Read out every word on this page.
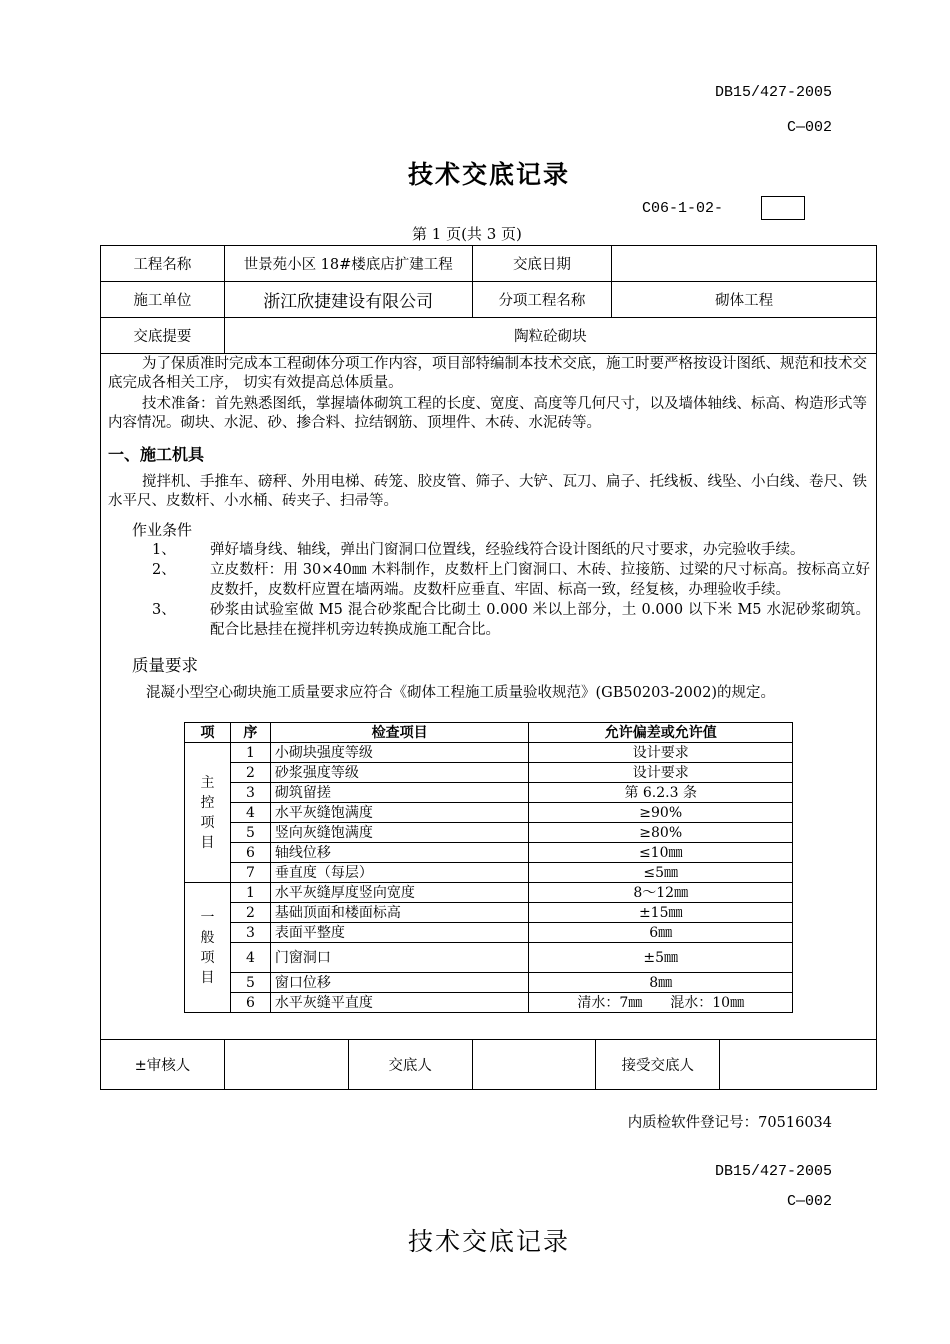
DB15/427-2005
C—002
技术交底记录
C06-1-02-
第 1 页(共 3 页)
工程名称	世景苑小区 18#楼底店扩建工程	交底日期	
施工单位	浙江欣捷建设有限公司	分项工程名称	砌体工程
交底提要	陶粒砼砌块		

为了保质准时完成本工程砌体分项工作内容，项目部特编制本技术交底，施工时要严格按设计图纸、规范和技术交底完成各相关工序， 切实有效提高总体质量。

技术准备：首先熟悉图纸，掌握墙体砌筑工程的长度、宽度、高度等几何尺寸，以及墙体轴线、标高、构造形式等内容情况。砌块、水泥、砂、掺合料、拉结钢筋、顶埋件、木砖、水泥砖等。

一、施工机具

搅拌机、手推车、磅秤、外用电梯、砖笼、胶皮管、筛子、大铲、瓦刀、扁子、托线板、线坠、小白线、卷尺、铁水平尺、皮数杆、小水桶、砖夹子、扫帚等。

作业条件

1、	弹好墙身线、轴线，弹出门窗洞口位置线，经验线符合设计图纸的尺寸要求，办完验收手续。
2、	立皮数杆：用 30×40㎜ 木料制作，皮数杆上门窗洞口、木砖、拉接筋、过梁的尺寸标高。按标高立好皮数扦，皮数杆应置在墙两端。皮数杆应垂直、牢固、标高一致，经复核，办理验收手续。
3、	砂浆由试验室做 M5 混合砂浆配合比砌土 0.000 米以上部分，土 0.000 以下米 M5 水泥砂浆砌筑。配合比悬挂在搅拌机旁边转换成施工配合比。

质量要求

混凝小型空心砌块施工质量要求应符合《砌体工程施工质量验收规范》(GB50203-2002)的规定。

项	序	检查项目	允许偏差或允许值

主控项目	1	小砌块强度等级	设计要求
	2	砂浆强度等级	设计要求
	3	砌筑留搓	第 6.2.3 条
	4	水平灰缝饱满度	≥90%
	5	竖向灰缝饱满度	≥80%
	6	轴线位移	≤10㎜
	7	垂直度（每层）	≤5㎜

一般项目	1	水平灰缝厚度竖向宽度	8～12㎜
	2	基础顶面和楼面标高	±15㎜
	3	表面平整度	6㎜
	4	门窗洞口	±5㎜
	5	窗口位移	8㎜
	6	水平灰缝平直度	清水：7㎜　　混水：10㎜
±审核人		交底人		接受交底人	
内质检软件登记号：70516034
DB15/427-2005
C—002
技术交底记录
